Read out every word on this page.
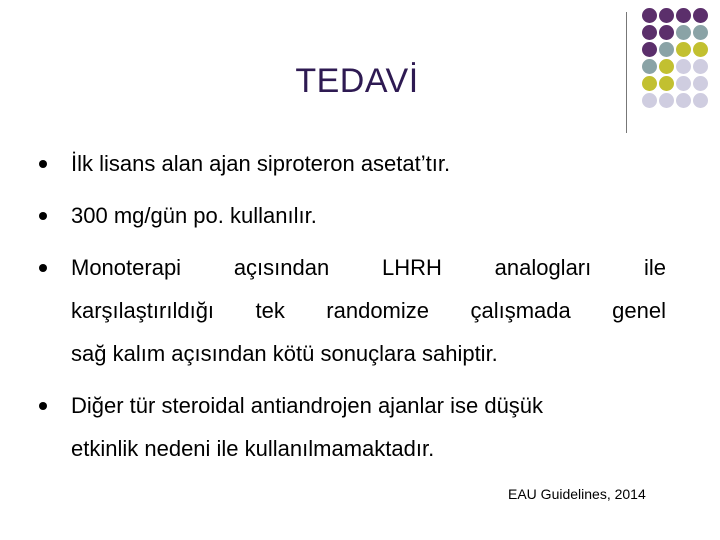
TEDAVİ
İlk lisans alan ajan siproteron asetat’tır.
300 mg/gün po. kullanılır.
Monoterapi açısından LHRH analogları ile
karşılaştırıldığı tek randomize çalışmada genel
sağ kalım açısından kötü sonuçlara sahiptir.
Diğer tür steroidal antiandrojen ajanlar ise düşük
etkinlik nedeni ile kullanılmamaktadır.
EAU Guidelines, 2014
